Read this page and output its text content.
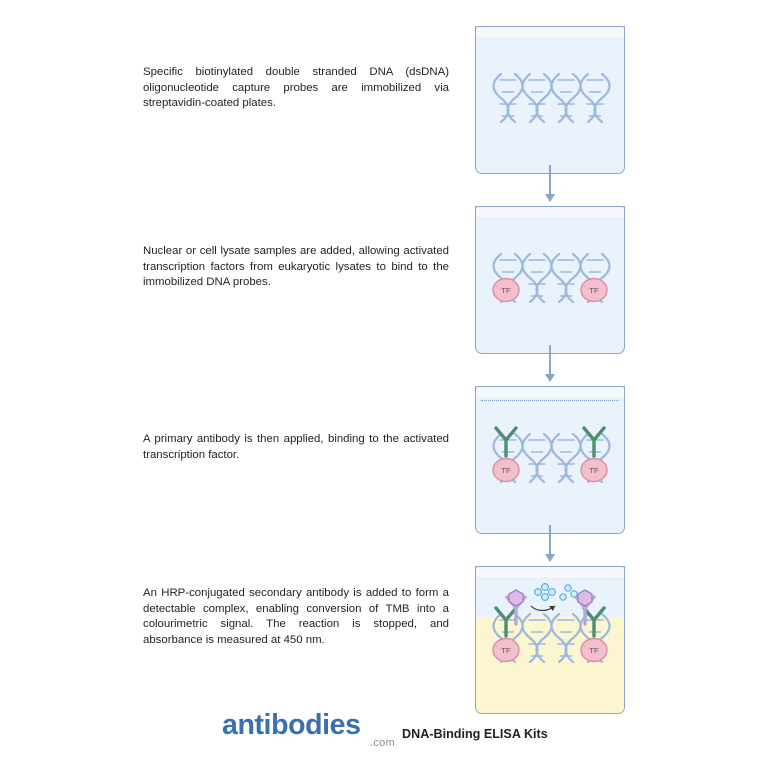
Specific biotinylated double stranded DNA (dsDNA) oligonucleotide capture probes are immobilized via streptavidin-coated plates.
Nuclear or cell lysate samples are added, allowing activated transcription factors from eukaryotic lysates to bind to the immobilized DNA probes.
TF	TF
A primary antibody is then applied, binding to the activated transcription factor.
TF	TF
An HRP-conjugated secondary antibody is added to form a detectable complex, enabling conversion of TMB into a colourimetric signal. The reaction is stopped, and absorbance is measured at 450 nm.
TF	TF
antibodies
.com
DNA-Binding ELISA Kits
